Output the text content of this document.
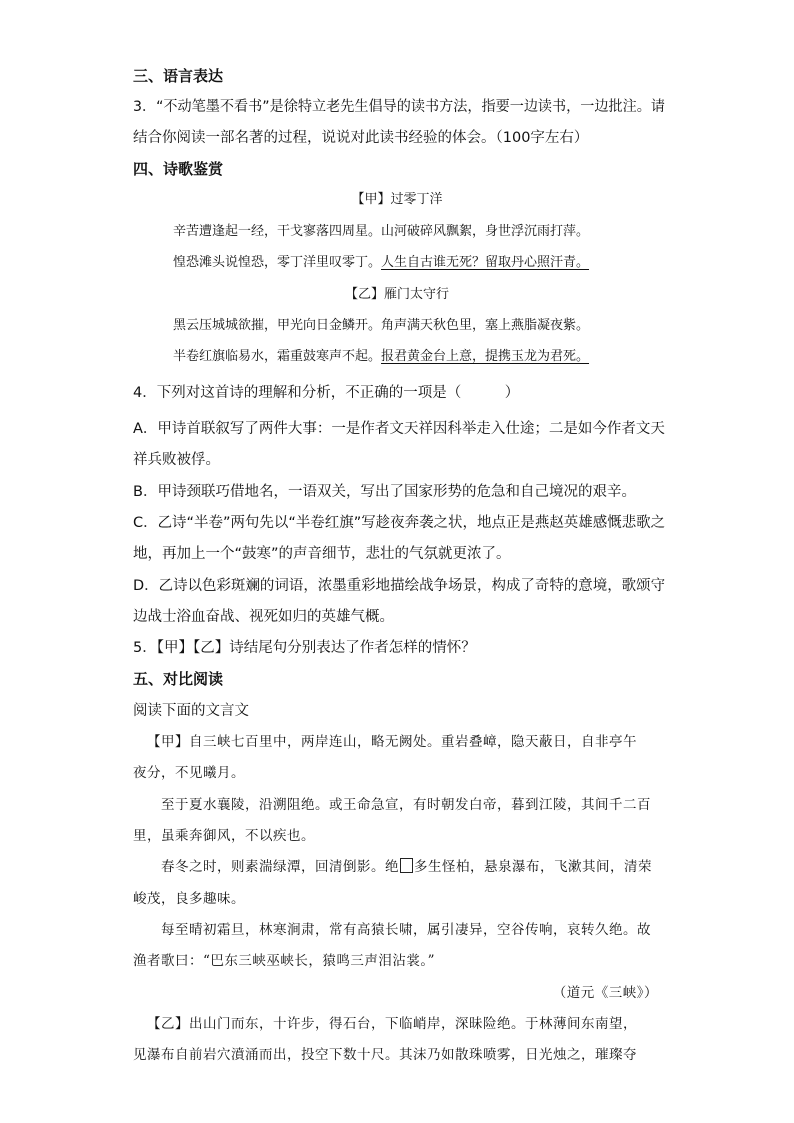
三、语言表达
3．“不动笔墨不看书”是徐特立老先生倡导的读书方法，指要一边读书，一边批注。请
结合你阅读一部名著的过程，说说对此读书经验的体会。（100字左右）
四、诗歌鉴赏
【甲】过零丁洋
辛苦遭逢起一经，干戈寥落四周星。山河破碎风飘絮，身世浮沉雨打萍。
惶恐滩头说惶恐，零丁洋里叹零丁。人生自古谁无死？留取丹心照汗青。
【乙】雁门太守行
黑云压城城欲摧，甲光向日金鳞开。角声满天秋色里，塞上燕脂凝夜紫。
半卷红旗临易水，霜重鼓寒声不起。报君黄金台上意，提携玉龙为君死。
4．下列对这首诗的理解和分析，不正确的一项是（　　　）
A．甲诗首联叙写了两件大事：一是作者文天祥因科举走入仕途；二是如今作者文天
祥兵败被俘。
B．甲诗颈联巧借地名，一语双关，写出了国家形势的危急和自己境况的艰辛。
C．乙诗“半卷”两句先以“半卷红旗”写趁夜奔袭之状，地点正是燕赵英雄感慨悲歌之
地，再加上一个“鼓寒”的声音细节，悲壮的气氛就更浓了。
D．乙诗以色彩斑斓的词语，浓墨重彩地描绘战争场景，构成了奇特的意境，歌颂守
边战士浴血奋战、视死如归的英雄气概。
5．【甲】【乙】诗结尾句分别表达了作者怎样的情怀？
五、对比阅读
阅读下面的文言文
【甲】自三峡七百里中，两岸连山，略无阙处。重岩叠嶂，隐天蔽日，自非亭午
夜分，不见曦月。
至于夏水襄陵，沿溯阻绝。或王命急宣，有时朝发白帝，暮到江陵，其间千二百
里，虽乘奔御风，不以疾也。
春冬之时，则素湍绿潭，回清倒影。绝 多生怪柏，悬泉瀑布，飞漱其间，清荣
峻茂，良多趣味。
每至晴初霜旦，林寒涧肃，常有高猿长啸，属引凄异，空谷传响，哀转久绝。故
渔者歌曰：“巴东三峡巫峡长，猿鸣三声泪沾裳。”
（道元《三峡》）
【乙】出山门而东，十许步，得石台，下临峭岸，深昧险绝。于林薄间东南望，
见瀑布自前岩穴濆涌而出，投空下数十尺。其沫乃如散珠喷雾，日光烛之，璀璨夺
